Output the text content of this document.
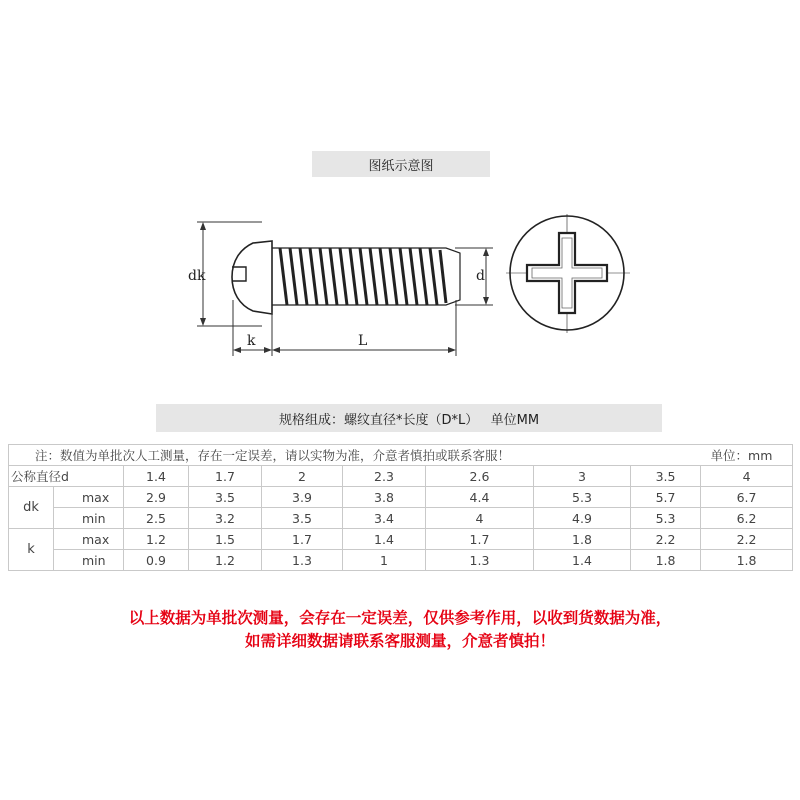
图纸示意图
dk	d
k	L
规格组成：螺纹直径*长度（D*L）   单位MM
注：数值为单批次人工测量，存在一定误差，请以实物为准，介意者慎拍或联系客服！									单位：mm
公称直径d		1.4	1.7	2	2.3	2.6	3	3.5	4
dk	max	2.9	3.5	3.9	3.8	4.4	5.3	5.7	6.7
	min	2.5	3.2	3.5	3.4	4	4.9	5.3	6.2
k	max	1.2	1.5	1.7	1.4	1.7	1.8	2.2	2.2
	min	0.9	1.2	1.3	1	1.3	1.4	1.8	1.8
以上数据为单批次测量，会存在一定误差，仅供参考作用，以收到货数据为准，
如需详细数据请联系客服测量，介意者慎拍！
